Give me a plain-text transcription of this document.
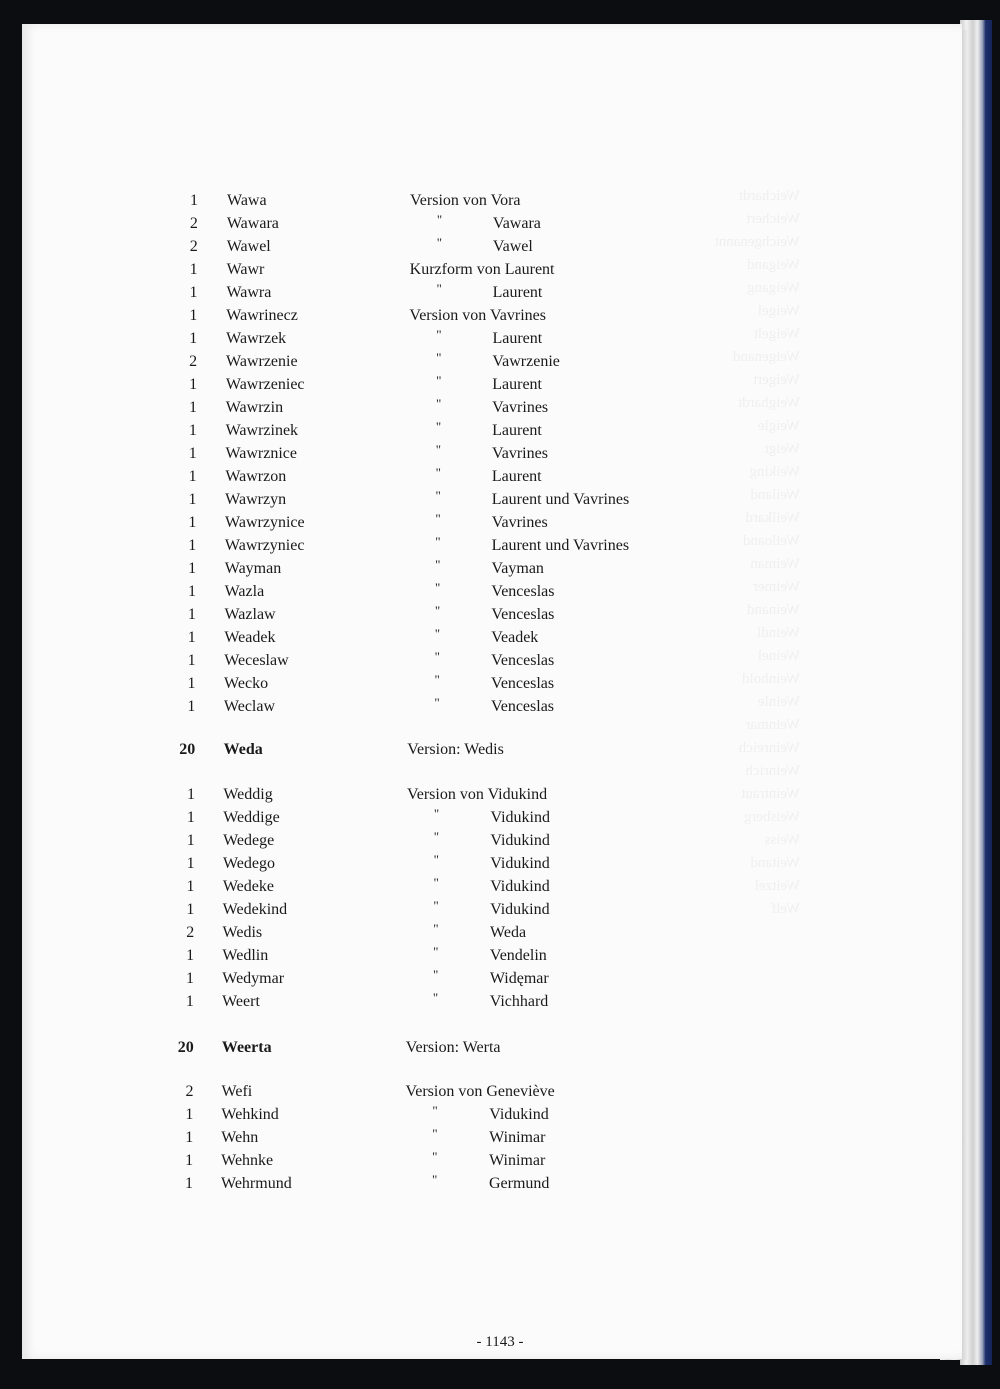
Weichardt
Weichert
Weichgenannt
Weigand
Weigang
Weigel
Weigelt
Weigenand
Weigert
Weighardt
Weigle
Weigt
Weiking
Weiland
Weilkard
Weiloand
Weiman
Weimer
Weinand
Weindl
Weinel
Weinhold
Weinle
Weinmar
Weinreich
Weinrich
Weintraut
Weisberg
Weiss
Weitand
Weitzel
Welf
1 Wawa	Version von Vora
2 Wawara	"	Vawara
2 Wawel	"	Vawel
1 Wawr	Kurzform von Laurent
1 Wawra	"	Laurent
1 Wawrinecz	Version von Vavrines
1 Wawrzek	"	Laurent
2 Wawrzenie	"	Vawrzenie
1 Wawrzeniec	"	Laurent
1 Wawrzin	"	Vavrines
1 Wawrzinek	"	Laurent
1 Wawrznice	"	Vavrines
1 Wawrzon	"	Laurent
1 Wawrzyn	"	Laurent und Vavrines
1 Wawrzynice	"	Vavrines
1 Wawrzyniec	"	Laurent und Vavrines
1 Wayman	"	Vayman
1 Wazla	"	Venceslas
1 Wazlaw	"	Venceslas
1 Weadek	"	Veadek
1 Weceslaw	"	Venceslas
1 Wecko	"	Venceslas
1 Weclaw	"	Venceslas
20 Weda	Version: Wedis
1 Weddig	Version von Vidukind
1 Weddige	"	Vidukind
1 Wedege	"	Vidukind
1 Wedego	"	Vidukind
1 Wedeke	"	Vidukind
1 Wedekind	"	Vidukind
2 Wedis	"	Weda
1 Wedlin	"	Vendelin
1 Wedymar	"	Widęmar
1 Weert	"	Vichhard
20 Weerta	Version: Werta
2 Wefi	Version von Geneviève
1 Wehkind	"	Vidukind
1 Wehn	"	Winimar
1 Wehnke	"	Winimar
1 Wehrmund	"	Germund
- 1143 -
